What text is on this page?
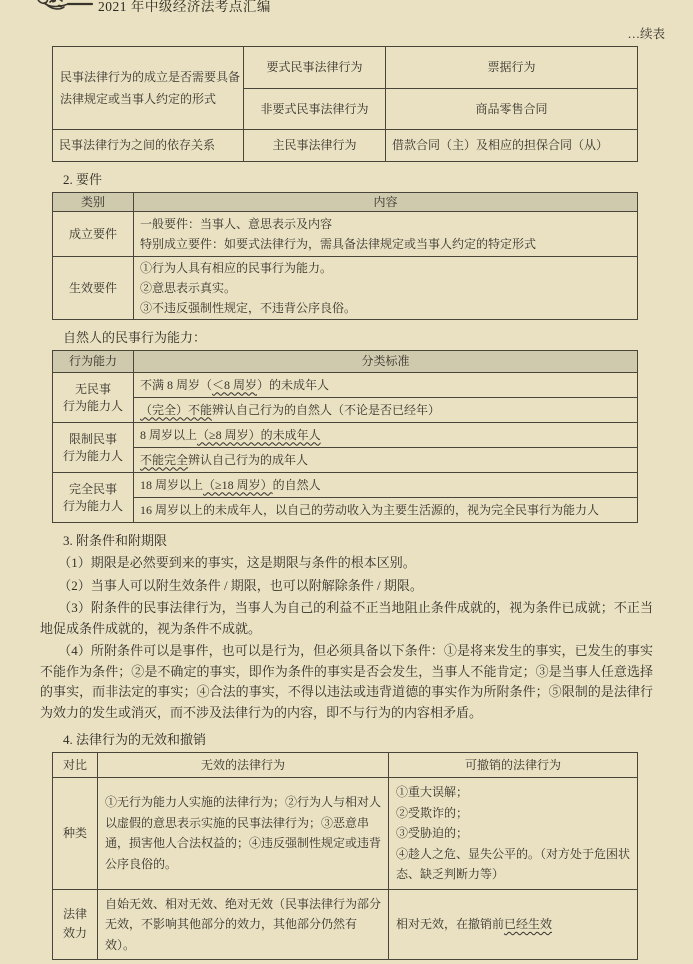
2021 年中级经济法考点汇编
…续表
民事法律行为的成立是否需要具备法律规定或当事人约定的形式	要式民事法律行为	票据行为
	非要式民事法律行为	商品零售合同
民事法律行为之间的依存关系	主民事法律行为	借款合同（主）及相应的担保合同（从）
2. 要件
类别	内容
成立要件	一般要件：当事人、意思表示及内容
特别成立要件：如要式法律行为，需具备法律规定或当事人约定的特定形式

生效要件	①行为人具有相应的民事行为能力。
②意思表示真实。
③不违反强制性规定，不违背公序良俗。
自然人的民事行为能力：
行为能力	分类标准

无民事
行为能力人	不满 8 周岁（＜8 周岁）的未成年人
	（完全）不能辨认自己行为的自然人（不论是否已经年）

限制民事
行为能力人	8 周岁以上（≥8 周岁）的未成年人
	不能完全辨认自己行为的成年人

完全民事
行为能力人	18 周岁以上（≥18 周岁）的自然人
	16 周岁以上的未成年人，以自己的劳动收入为主要生活源的，视为完全民事行为能力人
3. 附条件和附期限

（1）期限是必然要到来的事实，这是期限与条件的根本区别。

（2）当事人可以附生效条件 / 期限，也可以附解除条件 / 期限。

（3）附条件的民事法律行为，当事人为自己的利益不正当地阻止条件成就的，视为条件已成就；不正当地促成条件成就的，视为条件不成就。

（4）所附条件可以是事件，也可以是行为，但必须具备以下条件：①是将来发生的事实，已发生的事实不能作为条件；②是不确定的事实，即作为条件的事实是否会发生，当事人不能肯定；③是当事人任意选择的事实，而非法定的事实；④合法的事实，不得以违法或违背道德的事实作为所附条件；⑤限制的是法律行为效力的发生或消灭，而不涉及法律行为的内容，即不与行为的内容相矛盾。

4. 法律行为的无效和撤销
对比	无效的法律行为	可撤销的法律行为
种类	①无行为能力人实施的法律行为；②行为人与相对人以虚假的意思表示实施的民事法律行为；③恶意串通，损害他人合法权益的；④违反强制性规定或违背公序良俗的。	①重大误解；
②受欺诈的；
③受胁迫的；
④趁人之危、显失公平的。（对方处于危困状态、缺乏判断力等）

法律
效力	自始无效、相对无效、绝对无效（民事法律行为部分无效，不影响其他部分的效力，其他部分仍然有效）。	相对无效，在撤销前已经生效
